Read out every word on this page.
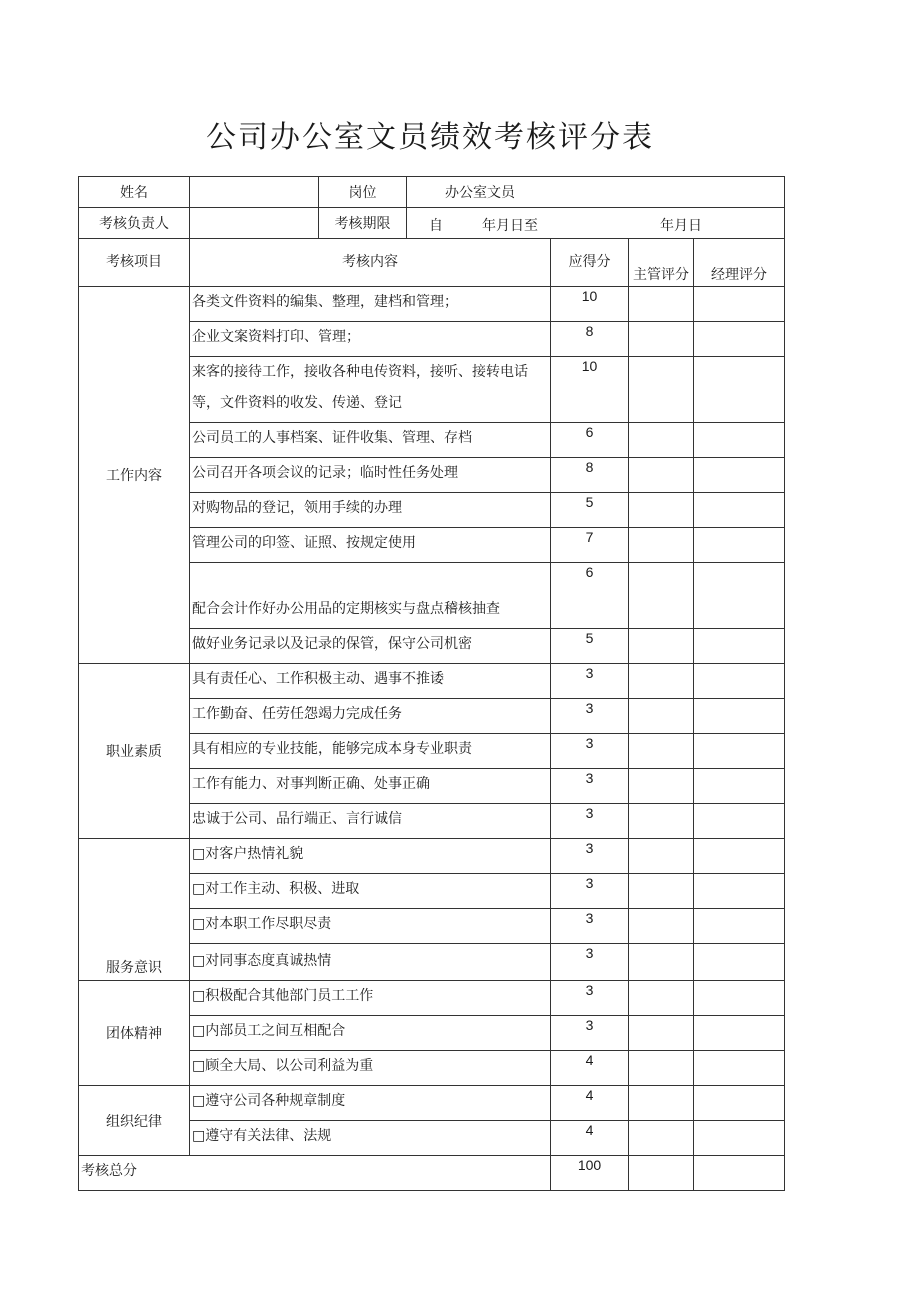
公司办公室文员绩效考核评分表
姓名		岗位	办公室文员			
考核负责人		考核期限	自 年月日至 年月日			

考核项目	考核内容			应得分	主管评分	经理评分
工作内容	各类文件资料的编集、整理，建档和管理；			10		
	企业文案资料打印、管理；			8		
	来客的接待工作，接收各种电传资料，接听、接转电话等，文件资料的收发、传递、登记			10		
	公司员工的人事档案、证件收集、管理、存档			6		
	公司召开各项会议的记录；临时性任务处理			8		
	对购物品的登记，领用手续的办理			5		
	管理公司的印签、证照、按规定使用			7		
	配合会计作好办公用品的定期核实与盘点稽核抽查			6		
	做好业务记录以及记录的保管，保守公司机密			5		
职业素质	具有责任心、工作积极主动、遇事不推诿			3		
	工作勤奋、任劳任怨竭力完成任务			3		
	具有相应的专业技能，能够完成本身专业职责			3		
	工作有能力、对事判断正确、处事正确			3		
	忠诚于公司、品行端正、言行诚信			3		
服务意识	□对客户热情礼貌			3		
	□对工作主动、积极、进取			3		
	□对本职工作尽职尽责			3		
	□对同事态度真诚热情			3		
团体精神	□积极配合其他部门员工工作			3		
	□内部员工之间互相配合			3		
	□顾全大局、以公司利益为重			4		
组织纪律	□遵守公司各种规章制度			4		
	□遵守有关法律、法规			4		
考核总分				100		
